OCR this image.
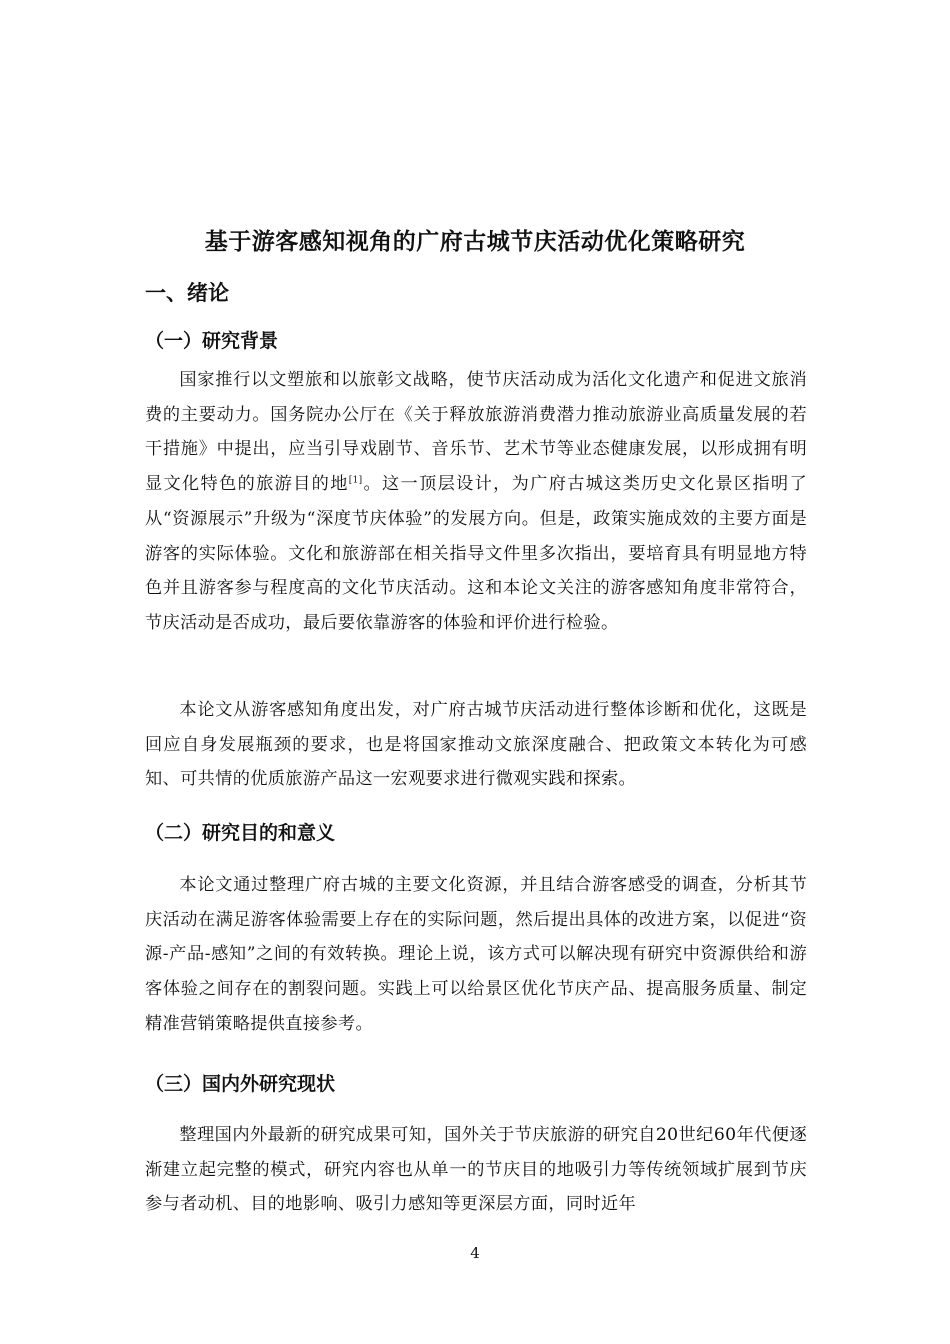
基于游客感知视角的广府古城节庆活动优化策略研究
一、绪论
（一）研究背景

国家推行以文塑旅和以旅彰文战略，使节庆活动成为活化文化遗产和促进文旅消费的主要动力。国务院办公厅在《关于释放旅游消费潜力推动旅游业高质量发展的若干措施》中提出，应当引导戏剧节、音乐节、艺术节等业态健康发展，以形成拥有明显文化特色的旅游目的地[1]。这一顶层设计，为广府古城这类历史文化景区指明了从“资源展示”升级为“深度节庆体验”的发展方向。但是，政策实施成效的主要方面是游客的实际体验。文化和旅游部在相关指导文件里多次指出，要培育具有明显地方特色并且游客参与程度高的文化节庆活动。这和本论文关注的游客感知角度非常符合，节庆活动是否成功，最后要依靠游客的体验和评价进行检验。

本论文从游客感知角度出发，对广府古城节庆活动进行整体诊断和优化，这既是回应自身发展瓶颈的要求，也是将国家推动文旅深度融合、把政策文本转化为可感知、可共情的优质旅游产品这一宏观要求进行微观实践和探索。

（二）研究目的和意义

本论文通过整理广府古城的主要文化资源，并且结合游客感受的调查，分析其节庆活动在满足游客体验需要上存在的实际问题，然后提出具体的改进方案，以促进“资源-产品-感知”之间的有效转换。理论上说，该方式可以解决现有研究中资源供给和游客体验之间存在的割裂问题。实践上可以给景区优化节庆产品、提高服务质量、制定精准营销策略提供直接参考。

（三）国内外研究现状

整理国内外最新的研究成果可知，国外关于节庆旅游的研究自20世纪60年代便逐渐建立起完整的模式，研究内容也从单一的节庆目的地吸引力等传统领域扩展到节庆参与者动机、目的地影响、吸引力感知等更深层方面，同时近年

4
